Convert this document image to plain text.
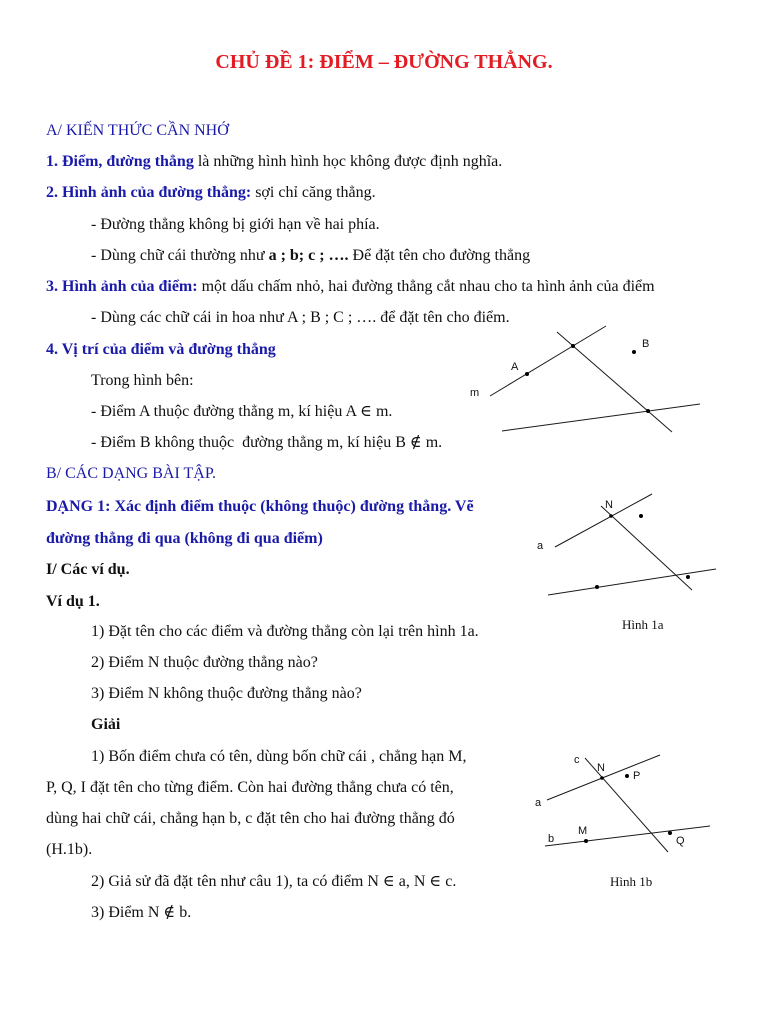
CHỦ ĐỀ 1: ĐIỂM – ĐƯỜNG THẲNG.
A/ KIẾN THỨC CẦN NHỚ
1. Điểm, đường thẳng là những hình hình học không được định nghĩa.
2. Hình ảnh của đường thẳng: sợi chỉ căng thẳng.
- Đường thẳng không bị giới hạn về hai phía.
- Dùng chữ cái thường như a ; b; c ; …. Để đặt tên cho đường thẳng
3. Hình ảnh của điểm: một dấu chấm nhỏ, hai đường thẳng cắt nhau cho ta hình ảnh của điểm
- Dùng các chữ cái in hoa như A ; B ; C ; …. để đặt tên cho điểm.
4. Vị trí của điểm và đường thẳng
Trong hình bên:
- Điểm A thuộc đường thẳng m, kí hiệu A ∈ m.
- Điểm B không thuộc  đường thẳng m, kí hiệu B ∉ m.
B/ CÁC DẠNG BÀI TẬP.
DẠNG 1: Xác định điểm thuộc (không thuộc) đường thẳng. Vẽ
đường thẳng đi qua (không đi qua điểm)
I/ Các ví dụ.
Ví dụ 1.
1) Đặt tên cho các điểm và đường thẳng còn lại trên hình 1a.
2) Điểm N thuộc đường thẳng nào?
3) Điểm N không thuộc đường thẳng nào?
Giải
1) Bốn điểm chưa có tên, dùng bốn chữ cái , chẳng hạn M,
P, Q, I đặt tên cho từng điểm. Còn hai đường thẳng chưa có tên,
dùng hai chữ cái, chẳng hạn b, c đặt tên cho hai đường thẳng đó
(H.1b).
2) Giả sử đã đặt tên như câu 1), ta có điểm N ∈ a, N ∈ c.
3) Điểm N ∉ b.
A
B
m
N
a
Hình 1a
c
N
P
a
b
M
Q
Hình 1b
